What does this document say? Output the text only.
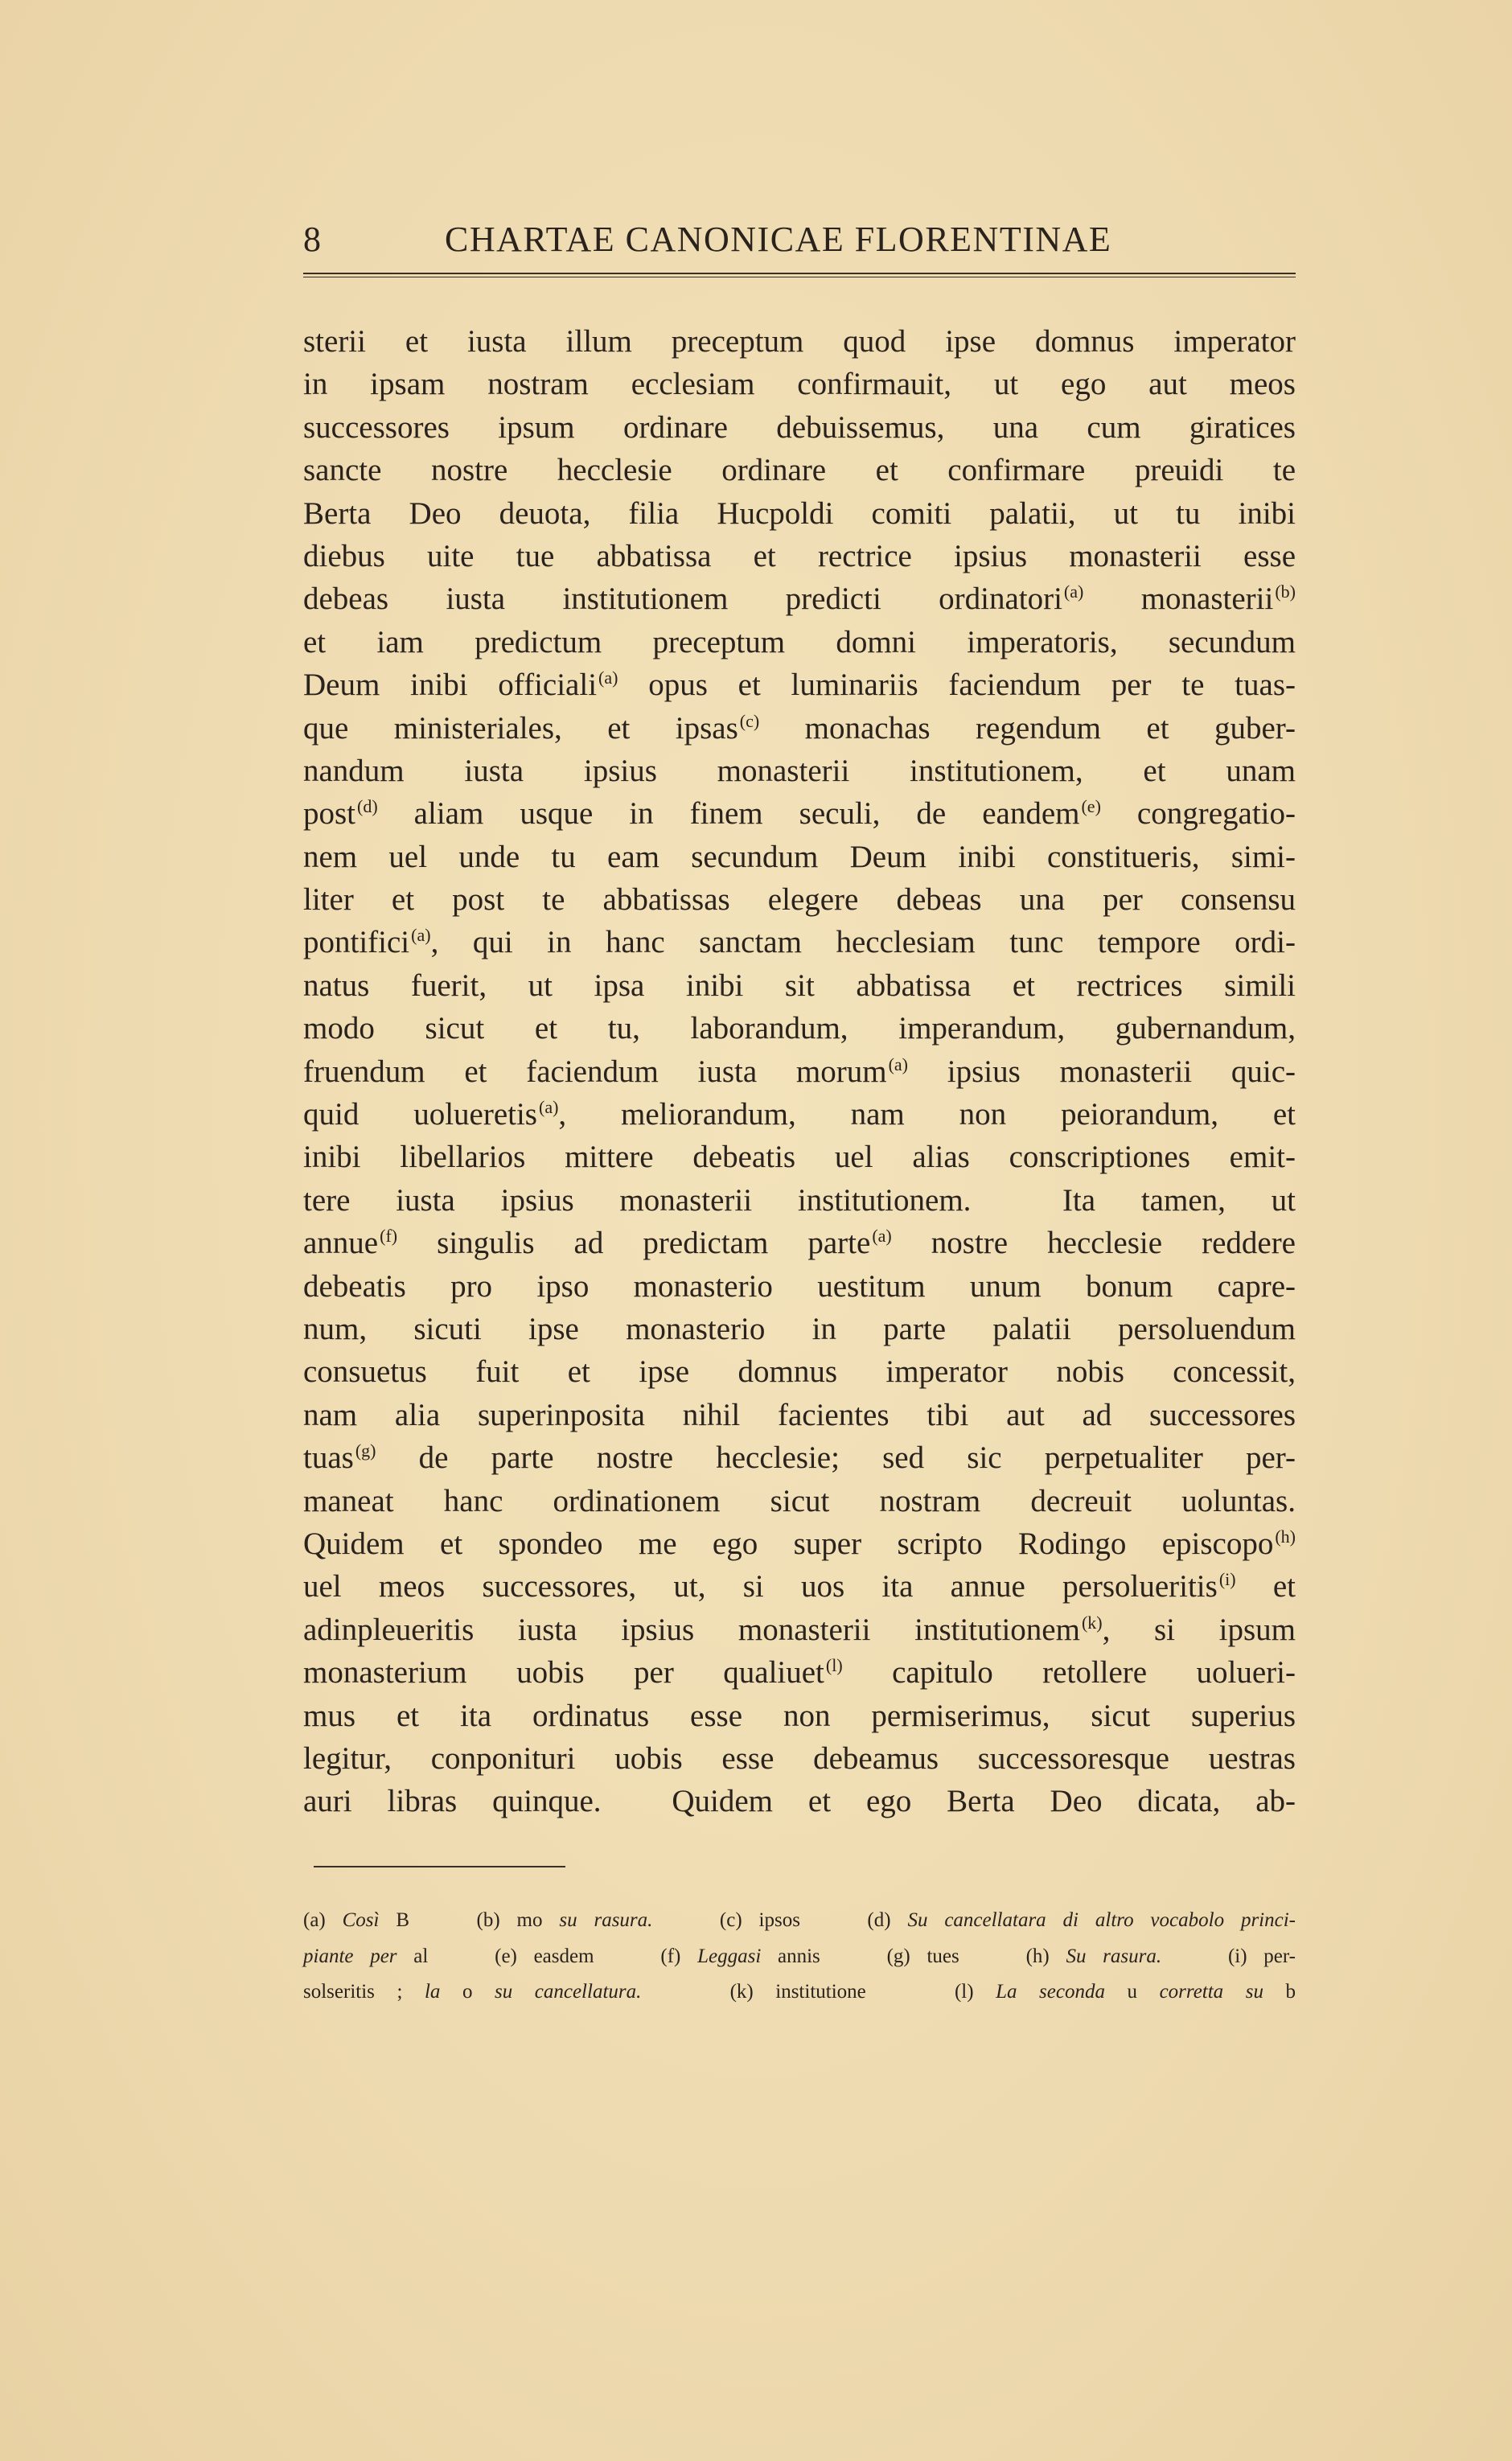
8	CHARTAE CANONICAE FLORENTINAE
sterii et iusta illum preceptum quod ipse domnus imperator
in ipsam nostram ecclesiam confirmauit, ut ego aut meos
successores ipsum ordinare debuissemus, una cum giratices
sancte nostre hecclesie ordinare et confirmare preuidi te
Berta Deo deuota, filia Hucpoldi comiti palatii, ut tu inibi
diebus uite tue abbatissa et rectrice ipsius monasterii esse
debeas iusta institutionem predicti ordinatori$^{(a)}$ monasterii$^{(b)}$
et iam predictum preceptum domni imperatoris, secundum
Deum inibi officiali$^{(a)}$ opus et luminariis faciendum per te tuas-
que ministeriales, et ipsas$^{(c)}$ monachas regendum et guber-
nandum iusta ipsius monasterii institutionem, et unam
post$^{(d)}$ aliam usque in finem seculi, de eandem$^{(e)}$ congregatio-
nem uel unde tu eam secundum Deum inibi constitueris, simi-
liter et post te abbatissas elegere debeas una per consensu
pontifici$^{(a)}$, qui in hanc sanctam hecclesiam tunc tempore ordi-
natus fuerit, ut ipsa inibi sit abbatissa et rectrices simili
modo sicut et tu, laborandum, imperandum, gubernandum,
fruendum et faciendum iusta morum$^{(a)}$ ipsius monasterii quic-
quid uolueretis$^{(a)}$, meliorandum, nam non peiorandum, et
inibi libellarios mittere debeatis uel alias conscriptiones emit-
tere iusta ipsius monasterii institutionem.  Ita tamen, ut
annue$^{(f)}$ singulis ad predictam parte$^{(a)}$ nostre hecclesie reddere
debeatis pro ipso monasterio uestitum unum bonum capre-
num, sicuti ipse monasterio in parte palatii persoluendum
consuetus fuit et ipse domnus imperator nobis concessit,
nam alia superinposita nihil facientes tibi aut ad successores
tuas$^{(g)}$ de parte nostre hecclesie; sed sic perpetualiter per-
maneat hanc ordinationem sicut nostram decreuit uoluntas.
Quidem et spondeo me ego super scripto Rodingo episcopo$^{(h)}$
uel meos successores, ut, si uos ita annue persolueritis$^{(i)}$ et
adinpleueritis iusta ipsius monasterii institutionem$^{(k)}$, si ipsum
monasterium uobis per qualiuet$^{(l)}$ capitulo retollere uolueri-
mus et ita ordinatus esse non permiserimus, sicut superius
legitur, conponituri uobis esse debeamus successoresque uestras
auri libras quinque.  Quidem et ego Berta Deo dicata, ab-
(a) Così B    (b) mo su rasura.    (c) ipsos    (d) Su cancellatara di altro vocabolo princi-
piante per al    (e) easdem    (f) Leggasi annis    (g) tues    (h) Su rasura.    (i) per-
solseritis ; la o su cancellatura.    (k) institutione    (l) La seconda u corretta su b
